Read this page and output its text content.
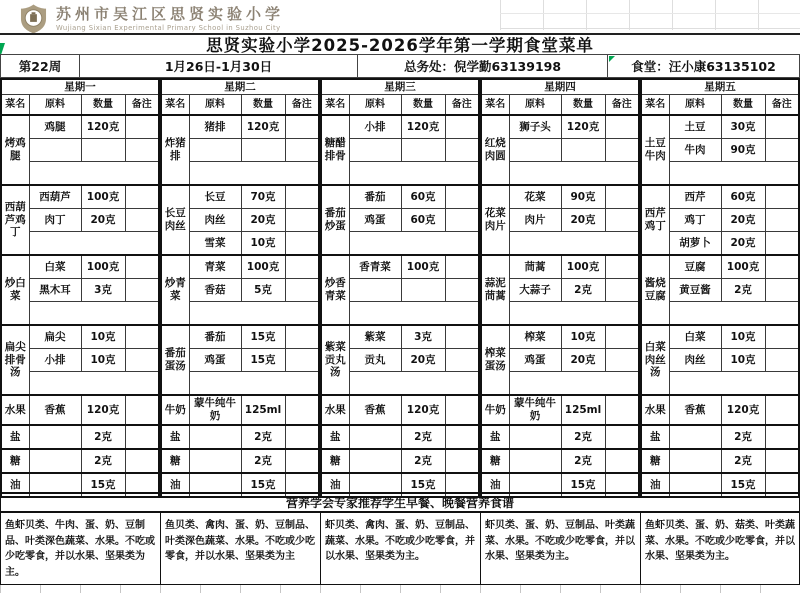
苏州市吴江区思贤实验小学
Wujiang Sixian Experimental Primary School in Suzhou City
思贤实验小学2025-2026学年第一学期食堂菜单
第22周	1月26日-1月30日	总务处：倪学勤63139198	食堂：汪小康63135102
星期一			
菜名	原料	数量	备注
烤鸡腿	鸡腿	120克	

西葫芦鸡丁	西葫芦	100克	
	肉丁	20克	

炒白菜	白菜	100克	
	黑木耳	3克	

扁尖排骨汤	扁尖	10克	
	小排	10克	

水果	香蕉	120克	
盐		2克	
糖		2克	
油		15克	
星期二			
菜名	原料	数量	备注
炸猪排	猪排	120克	

长豆肉丝	长豆	70克	
	肉丝	20克	
	雪菜	10克	
炒青菜	青菜	100克	
	香菇	5克	

番茄蛋汤	番茄	15克	
	鸡蛋	15克	

牛奶	蒙牛纯牛奶	125ml	
盐		2克	
糖		2克	
油		15克	
星期三			
菜名	原料	数量	备注
糖醋排骨	小排	120克	

番茄炒蛋	番茄	60克	
	鸡蛋	60克	

炒香青菜	香青菜	100克	

紫菜贡丸汤	紫菜	3克	
	贡丸	20克	

水果	香蕉	120克	
盐		2克	
糖		2克	
油		15克	
星期四			
菜名	原料	数量	备注
红烧肉圆	狮子头	120克	

花菜肉片	花菜	90克	
	肉片	20克	

蒜泥茼蒿	茼蒿	100克	
	大蒜子	2克	

榨菜蛋汤	榨菜	10克	
	鸡蛋	20克	

牛奶	蒙牛纯牛奶	125ml	
盐		2克	
糖		2克	
油		15克	
星期五			
菜名	原料	数量	备注
土豆牛肉	土豆	30克	
	牛肉	90克	

西芹鸡丁	西芹	60克	
	鸡丁	20克	
	胡萝卜	20克	
酱烧豆腐	豆腐	100克	
	黄豆酱	2克	

白菜肉丝汤	白菜	10克	
	肉丝	10克	

水果	香蕉	120克	
盐		2克	
糖		2克	
油		15克	
营养学会专家推荐学生早餐、晚餐营养食谱
鱼虾贝类、牛肉、蛋、奶、豆制品、叶类深色蔬菜、水果。不吃或少吃零食，并以水果、坚果类为主。
鱼贝类、禽肉、蛋、奶、豆制品、叶类深色蔬菜、水果。不吃或少吃零食，并以水果、坚果类为主
虾贝类、禽肉、蛋、奶、豆制品、蔬菜、水果。不吃或少吃零食，并以水果、坚果类为主。
虾贝类、蛋、奶、豆制品、叶类蔬菜、水果。不吃或少吃零食，并以水果、坚果类为主。
鱼虾贝类、蛋、奶、菇类、叶类蔬菜、水果。不吃或少吃零食，并以水果、坚果类为主。
